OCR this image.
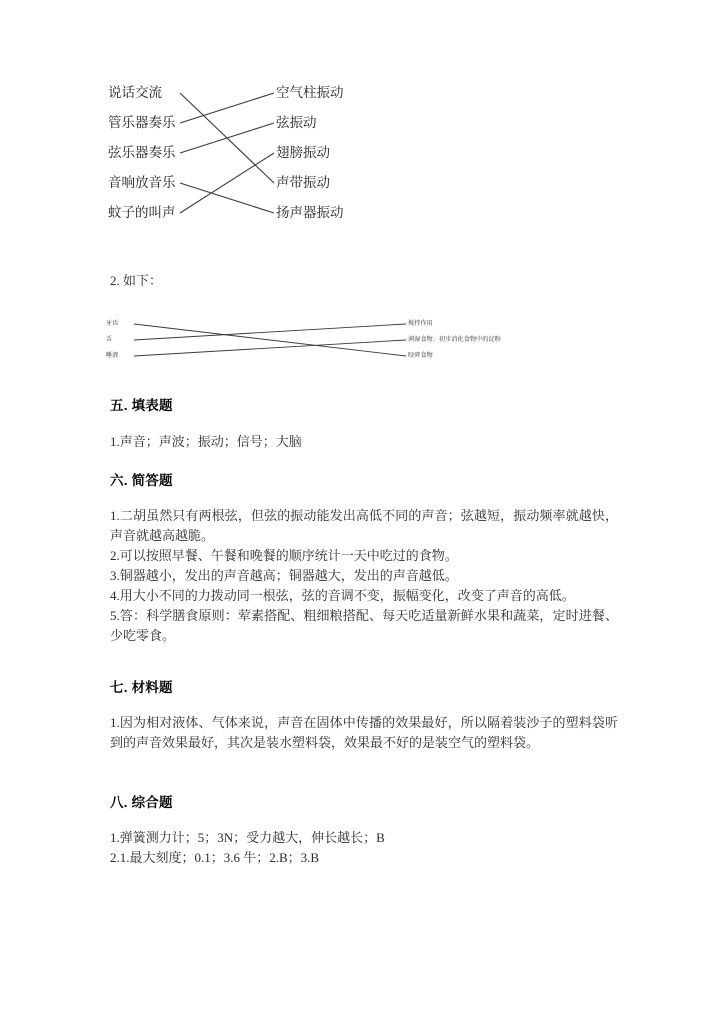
说话交流
管乐器奏乐
弦乐器奏乐
音响放音乐
蚊子的叫声
空气柱振动
弦振动
翅膀振动
声带振动
扬声器振动
2. 如下：
牙齿
舌
唾液
搅拌作用
润湿食物、初步消化食物中的淀粉
咬碎食物
五. 填表题

1.声音；声波；振动；信号；大脑

六. 简答题

1.二胡虽然只有两根弦，但弦的振动能发出高低不同的声音；弦越短，振动频率就越快，声音就越高越脆。

2.可以按照早餐、午餐和晚餐的顺序统计一天中吃过的食物。

3.铜器越小，发出的声音越高；铜器越大，发出的声音越低。

4.用大小不同的力拨动同一根弦，弦的音调不变，振幅变化，改变了声音的高低。

5.答：科学膳食原则：荤素搭配、粗细粮搭配、每天吃适量新鲜水果和蔬菜，定时进餐、少吃零食。

七. 材料题

1.因为相对液体、气体来说，声音在固体中传播的效果最好，所以隔着装沙子的塑料袋听到的声音效果最好，其次是装水塑料袋，效果最不好的是装空气的塑料袋。

八. 综合题

1.弹簧测力计；5；3N；受力越大，伸长越长；B

2.1.最大刻度；0.1；3.6 牛；2.B；3.B
